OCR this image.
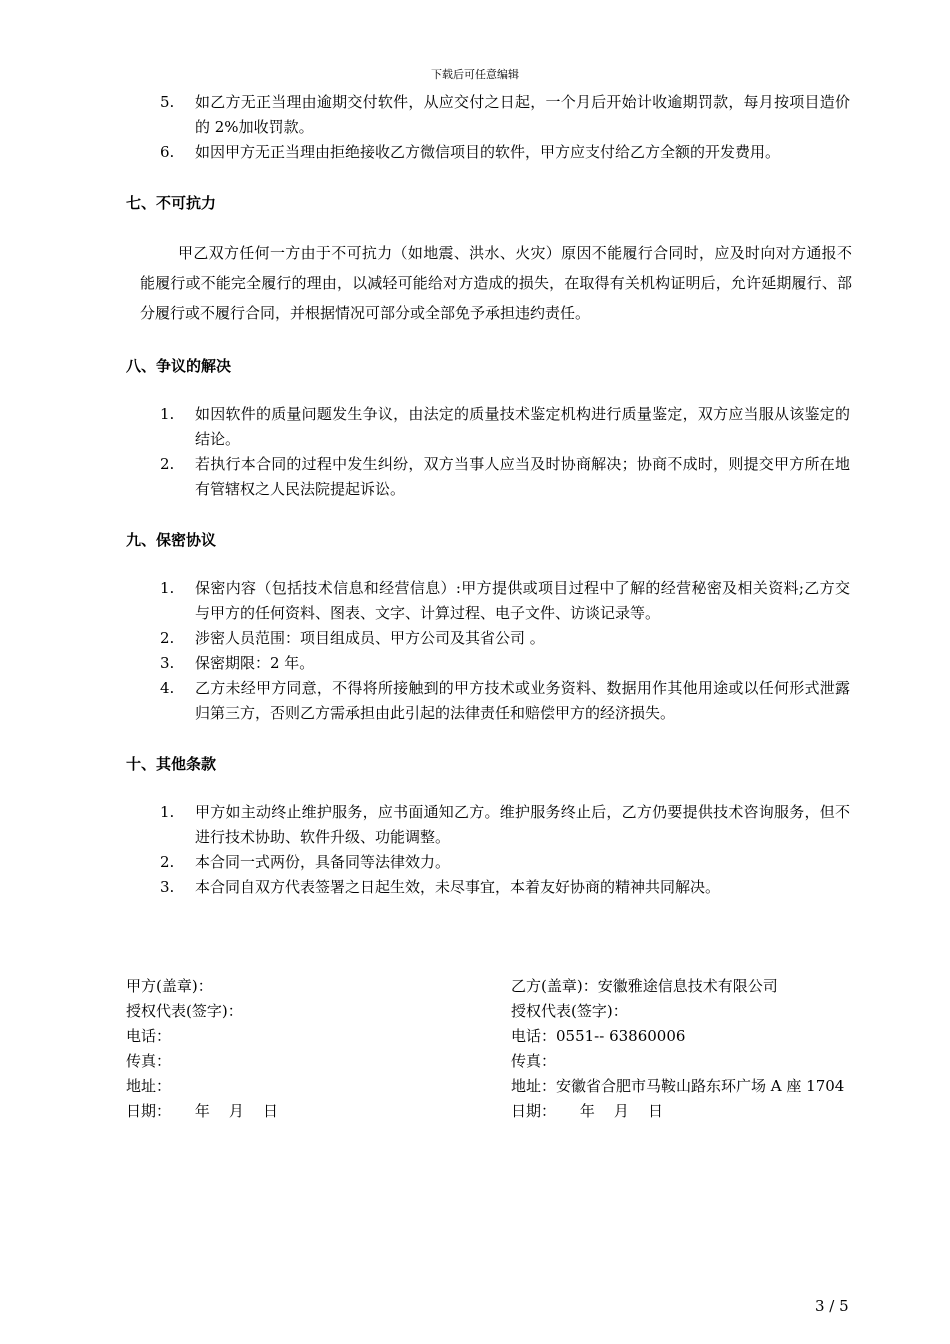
下载后可任意编辑
5. 如乙方无正当理由逾期交付软件，从应交付之日起，一个月后开始计收逾期罚款，每月按项目造价的 2%加收罚款。
6. 如因甲方无正当理由拒绝接收乙方微信项目的软件，甲方应支付给乙方全额的开发费用。
七、不可抗力
甲乙双方任何一方由于不可抗力（如地震、洪水、火灾）原因不能履行合同时，应及时向对方通报不能履行或不能完全履行的理由，以减轻可能给对方造成的损失，在取得有关机构证明后，允许延期履行、部分履行或不履行合同，并根据情况可部分或全部免予承担违约责任。
八、争议的解决
1. 如因软件的质量问题发生争议，由法定的质量技术鉴定机构进行质量鉴定，双方应当服从该鉴定的结论。
2. 若执行本合同的过程中发生纠纷，双方当事人应当及时协商解决；协商不成时，则提交甲方所在地有管辖权之人民法院提起诉讼。
九、保密协议
1. 保密内容（包括技术信息和经营信息）:甲方提供或项目过程中了解的经营秘密及相关资料;乙方交与甲方的任何资料、图表、文字、计算过程、电子文件、访谈记录等。
2. 涉密人员范围：项目组成员、甲方公司及其省公司 。
3. 保密期限：2 年。
4. 乙方未经甲方同意，不得将所接触到的甲方技术或业务资料、数据用作其他用途或以任何形式泄露归第三方，否则乙方需承担由此引起的法律责任和赔偿甲方的经济损失。
十、其他条款
1. 甲方如主动终止维护服务，应书面通知乙方。维护服务终止后，乙方仍要提供技术咨询服务，但不进行技术协助、软件升级、功能调整。
2. 本合同一式两份，具备同等法律效力。
3. 本合同自双方代表签署之日起生效，未尽事宜，本着友好协商的精神共同解决。
甲方(盖章)：
授权代表(签字)：
电话：
传真：
地址：
日期：     年    月    日
乙方(盖章)：安徽雅途信息技术有限公司
授权代表(签字)：
电话：0551-- 63860006
传真：
地址： 安徽省合肥市马鞍山路东环广场 A 座 1704
日期：     年    月    日
3 / 5
